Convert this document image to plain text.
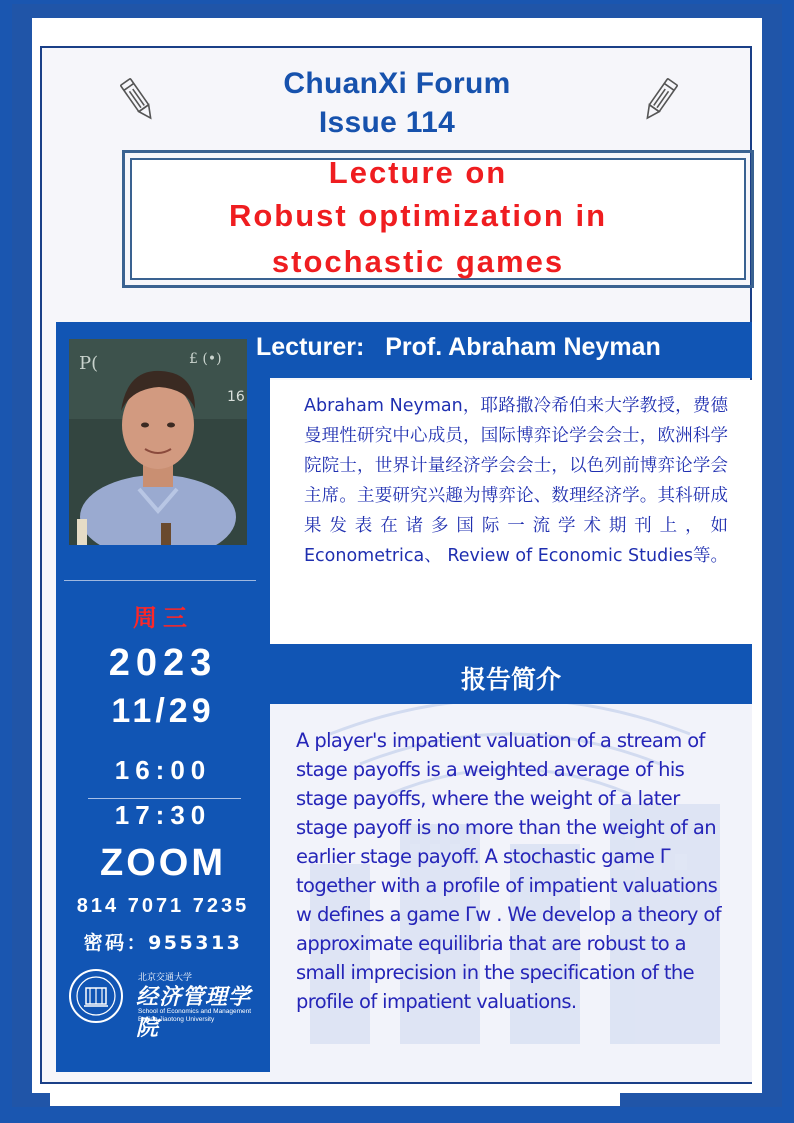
ChuanXi Forum
Issue 114
Lecture on
Robust optimization in
stochastic games
Lecturer:   Prof. Abraham Neyman
P(	£ (•)
16	Abraham Neyman，耶路撒冷希伯来大学教授，费德曼理性研究中心成员，国际博弈论学会会士，欧洲科学院院士，世界计量经济学会会士，以色列前博弈论学会主席。主要研究兴趣为博弈论、数理经济学。其科研成果发表在诸多国际一流学术期刊上，如Econometrica、 Review of Economic Studies等。
周三
2023
11/29
16:00
17:30
ZOOM
814 7071 7235
密码：955313
北京交通大学
经济管理学院
School of Economics and Management
Beijing Jiaotong University
报告简介
A player's impatient valuation of a stream of stage payoffs is a weighted average of his stage payoffs, where the weight of a later stage payoff is no more than the weight of an earlier stage payoff. A stochastic game Γ together with a profile of impatient valuations w defines a game Γw . We develop a theory of approximate equilibria that are robust to a small imprecision in the specification of the profile of impatient valuations.
